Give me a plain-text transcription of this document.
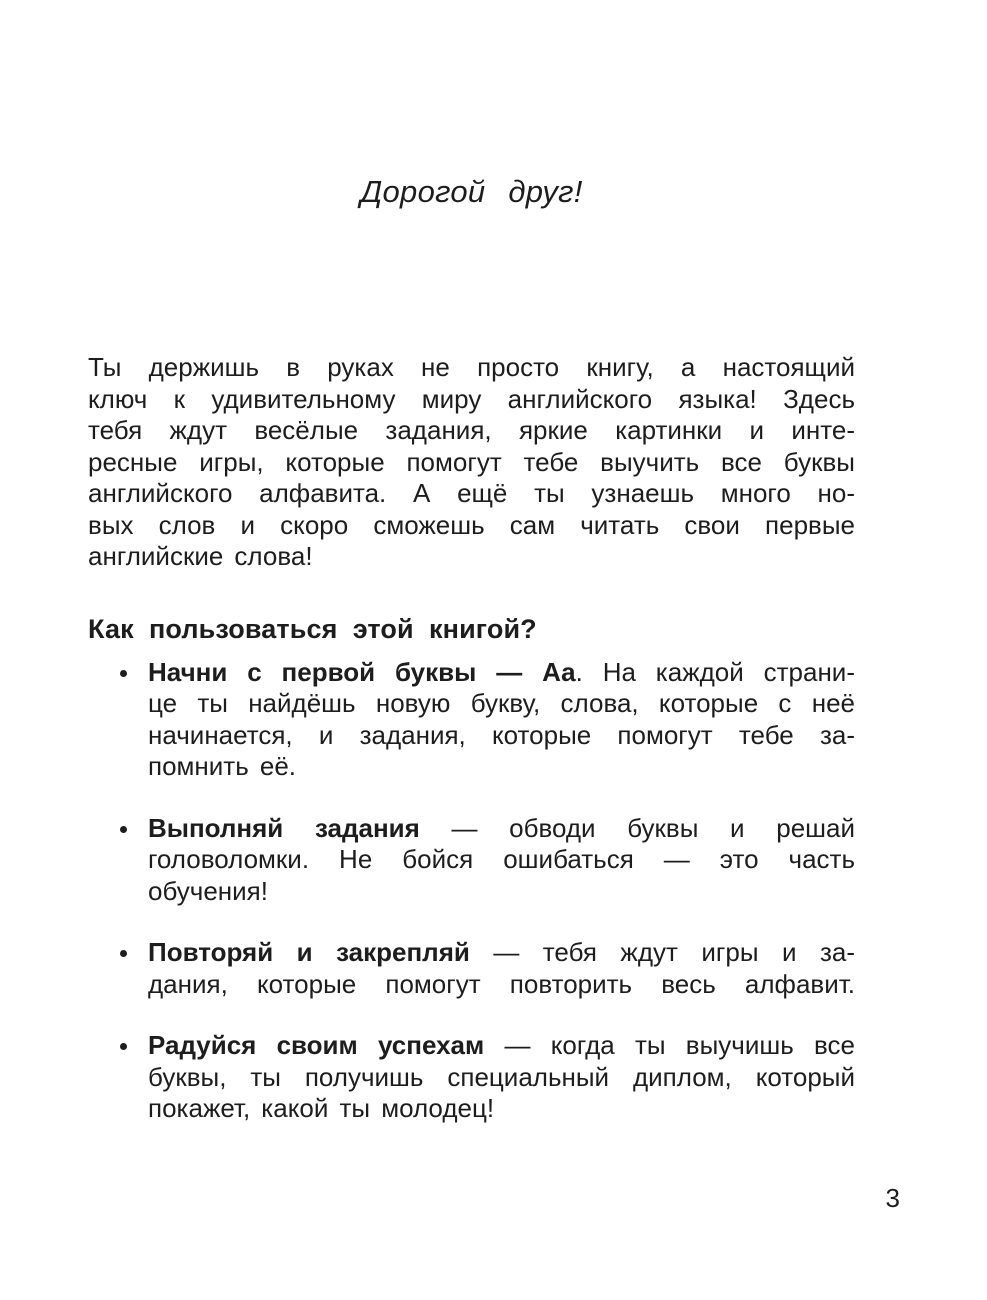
Дорогой друг!
Ты держишь в руках не просто книгу, а настоящий
ключ к удивительному миру английского языка! Здесь
тебя ждут весёлые задания, яркие картинки и инте-
ресные игры, которые помогут тебе выучить все буквы
английского алфавита. А ещё ты узнаешь много но-
вых слов и скоро сможешь сам читать свои первые
английские слова!
Как пользоваться этой книгой?
Начни с первой буквы — Аа. На каждой страни-
це ты найдёшь новую букву, слова, которые с неё
начинается, и задания, которые помогут тебе за-
помнить её.
Выполняй задания — обводи буквы и решай
головоломки. Не бойся ошибаться — это часть
обучения!
Повторяй и закрепляй — тебя ждут игры и за-
дания, которые помогут повторить весь алфавит.
Радуйся своим успехам — когда ты выучишь все
буквы, ты получишь специальный диплом, который
покажет, какой ты молодец!
3
